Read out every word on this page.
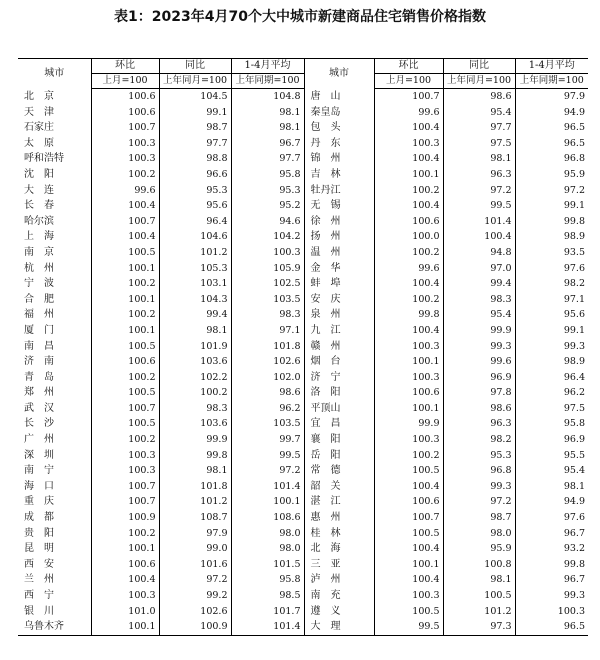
表1：2023年4月70个大中城市新建商品住宅销售价格指数
城市	环比	同比	1-4月平均	城市	环比	同比	1-4月平均
	上月=100	上年同月=100	上年同期=100		上月=100	上年同月=100	上年同期=100
北　京	100.6	104.5	104.8	唐　山	100.7	98.6	97.9
天　津	100.6	99.1	98.1	秦皇岛	99.6	95.4	94.9
石家庄	100.7	98.7	98.1	包　头	100.4	97.7	96.5
太　原	100.3	97.7	96.7	丹　东	100.3	97.5	96.5
呼和浩特	100.3	98.8	97.7	锦　州	100.4	98.1	96.8
沈　阳	100.2	96.6	95.8	吉　林	100.1	96.3	95.9
大　连	99.6	95.3	95.3	牡丹江	100.2	97.2	97.2
长　春	100.4	95.6	95.2	无　锡	100.4	99.5	99.1
哈尔滨	100.7	96.4	94.6	徐　州	100.6	101.4	99.8
上　海	100.4	104.6	104.2	扬　州	100.0	100.4	98.9
南　京	100.5	101.2	100.3	温　州	100.2	94.8	93.5
杭　州	100.1	105.3	105.9	金　华	99.6	97.0	97.6
宁　波	100.2	103.1	102.5	蚌　埠	100.4	99.4	98.2
合　肥	100.1	104.3	103.5	安　庆	100.2	98.3	97.1
福　州	100.2	99.4	98.3	泉　州	99.8	95.4	95.6
厦　门	100.1	98.1	97.1	九　江	100.4	99.9	99.1
南　昌	100.5	101.9	101.8	赣　州	100.3	99.3	99.3
济　南	100.6	103.6	102.6	烟　台	100.1	99.6	98.9
青　岛	100.2	102.2	102.0	济　宁	100.3	96.9	96.4
郑　州	100.5	100.2	98.6	洛　阳	100.6	97.8	96.2
武　汉	100.7	98.3	96.2	平顶山	100.1	98.6	97.5
长　沙	100.5	103.6	103.5	宜　昌	99.9	96.3	95.8
广　州	100.2	99.9	99.7	襄　阳	100.3	98.2	96.9
深　圳	100.3	99.8	99.5	岳　阳	100.2	95.3	95.5
南　宁	100.3	98.1	97.2	常　德	100.5	96.8	95.4
海　口	100.7	101.8	101.4	韶　关	100.4	99.3	98.1
重　庆	100.7	101.2	100.1	湛　江	100.6	97.2	94.9
成　都	100.9	108.7	108.6	惠　州	100.7	98.7	97.6
贵　阳	100.2	97.9	98.0	桂　林	100.5	98.0	96.7
昆　明	100.1	99.0	98.0	北　海	100.4	95.9	93.2
西　安	100.6	101.6	101.5	三　亚	100.1	100.8	99.8
兰　州	100.4	97.2	95.8	泸　州	100.4	98.1	96.7
西　宁	100.3	99.2	98.5	南　充	100.3	100.5	99.3
银　川	101.0	102.6	101.7	遵　义	100.5	101.2	100.3
乌鲁木齐	100.1	100.9	101.4	大　理	99.5	97.3	96.5
